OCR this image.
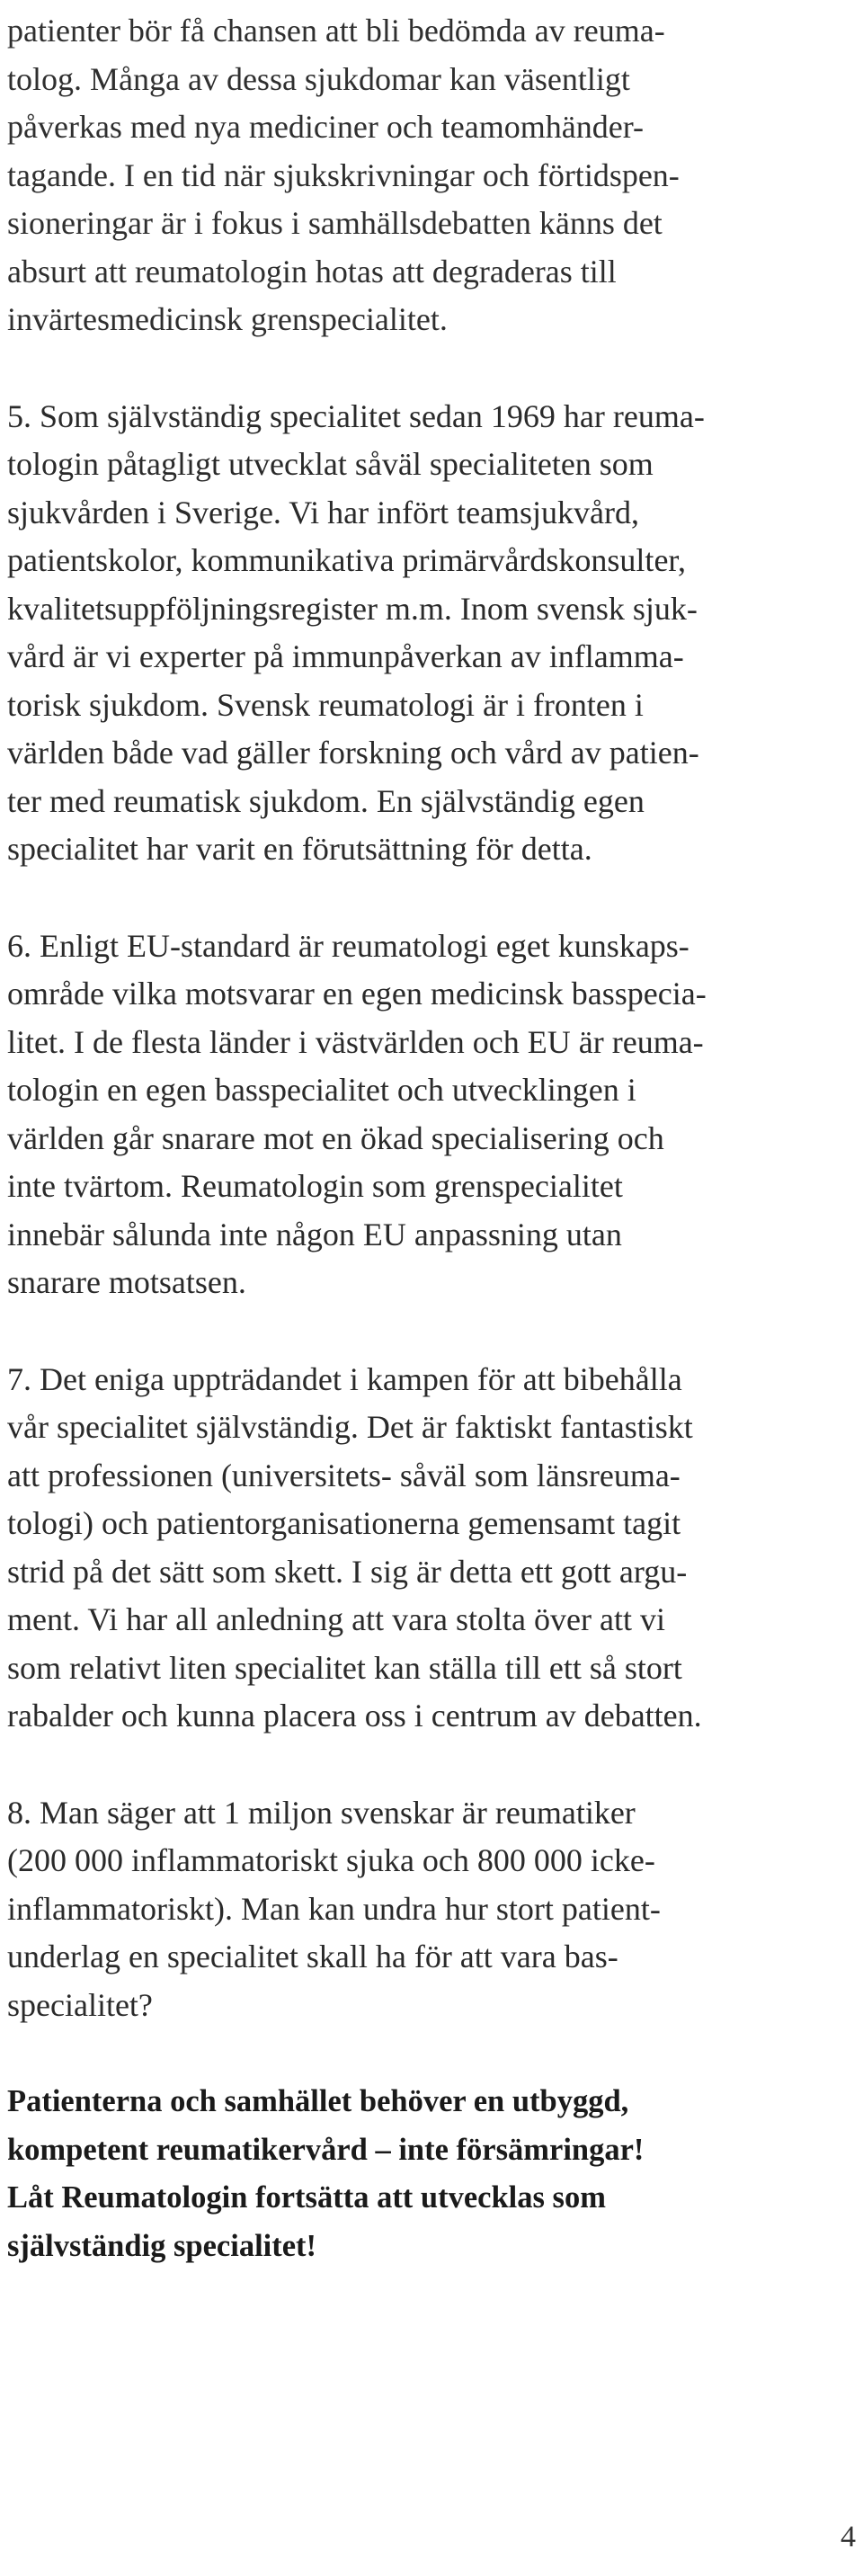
patienter bör få chansen att bli bedömda av reuma-
tolog. Många av dessa sjukdomar kan väsentligt
påverkas med nya mediciner och teamomhänder-
tagande. I en tid när sjukskrivningar och förtidspen-
sioneringar är i fokus i samhällsdebatten känns det
absurt att reumatologin hotas att degraderas till
invärtesmedicinsk grenspecialitet.
5. Som självständig specialitet sedan 1969 har reuma-
tologin påtagligt utvecklat såväl specialiteten som
sjukvården i Sverige. Vi har infört teamsjukvård,
patientskolor, kommunikativa primärvårdskonsulter,
kvalitetsuppföljningsregister m.m. Inom svensk sjuk-
vård är vi experter på immunpåverkan av inflamma-
torisk sjukdom. Svensk reumatologi är i fronten i
världen både vad gäller forskning och vård av patien-
ter med reumatisk sjukdom. En självständig egen
specialitet har varit en förutsättning för detta.
6. Enligt EU-standard är reumatologi eget kunskaps-
område vilka motsvarar en egen medicinsk basspecia-
litet. I de flesta länder i västvärlden och EU är reuma-
tologin en egen basspecialitet och utvecklingen i
världen går snarare mot en ökad specialisering och
inte tvärtom. Reumatologin som grenspecialitet
innebär sålunda inte någon EU anpassning utan
snarare motsatsen.
7. Det eniga uppträdandet i kampen för att bibehålla
vår specialitet självständig. Det är faktiskt fantastiskt
att professionen (universitets- såväl som länsreuma-
tologi) och patientorganisationerna gemensamt tagit
strid på det sätt som skett. I sig är detta ett gott argu-
ment. Vi har all anledning att vara stolta över att vi
som relativt liten specialitet kan ställa till ett så stort
rabalder och kunna placera oss i centrum av debatten.
8. Man säger att 1 miljon svenskar är reumatiker
(200 000 inflammatoriskt sjuka och 800 000 icke-
inflammatoriskt). Man kan undra hur stort patient-
underlag en specialitet skall ha för att vara bas-
specialitet?
Patienterna och samhället behöver en utbyggd,
kompetent reumatikervård – inte försämringar!
Låt Reumatologin fortsätta att utvecklas som
självständig specialitet!
4
